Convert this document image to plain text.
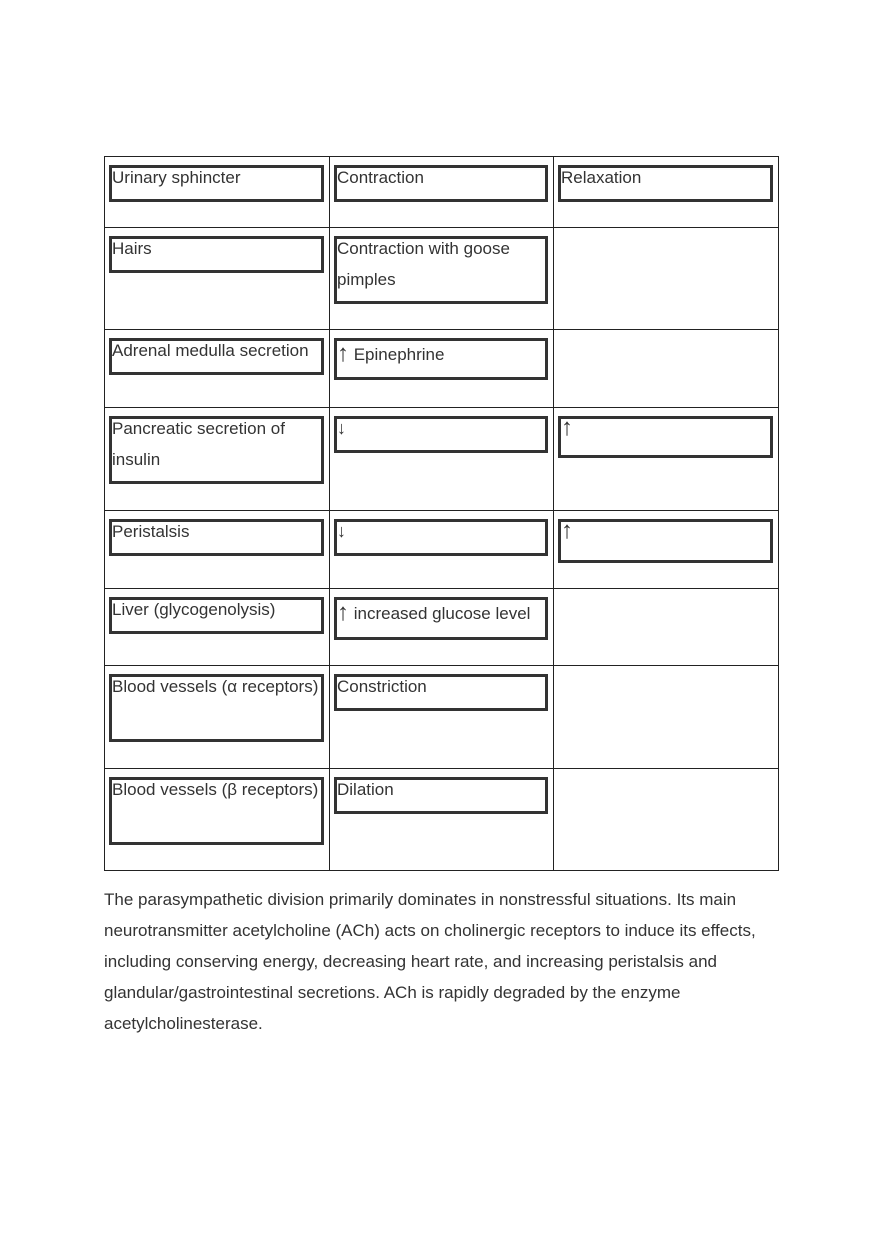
Urinary sphincter	Contraction	Relaxation

Hairs	Contraction with goose pimples	

Adrenal medulla secretion	↑ Epinephrine	

Pancreatic secretion of insulin	↓	↑

Peristalsis	↓	↑

Liver (glycogenolysis)	↑ increased glucose level	

Blood vessels (α receptors)	Constriction	

Blood vessels (β receptors)	Dilation	

The parasympathetic division primarily dominates in nonstressful situations. Its main neurotransmitter acetylcholine (ACh) acts on cholinergic receptors to induce its effects, including conserving energy, decreasing heart rate, and increasing peristalsis and glandular/gastrointestinal secretions. ACh is rapidly degraded by the enzyme acetylcholinesterase.
